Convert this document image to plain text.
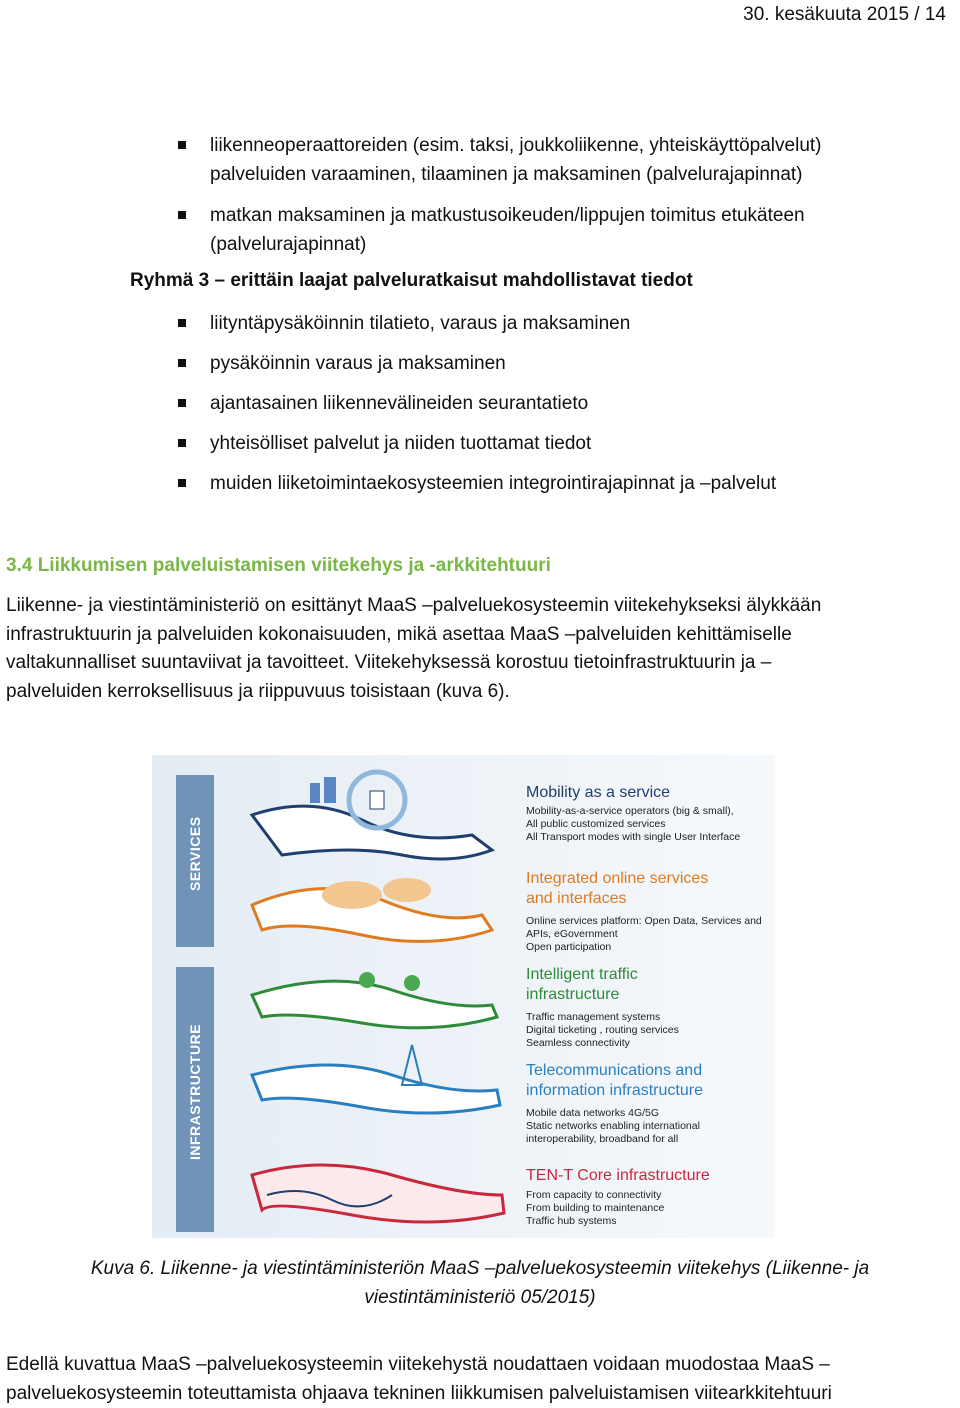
30. kesäkuuta 2015 / 14
liikenneoperaattoreiden (esim. taksi, joukkoliikenne, yhteiskäyttöpalvelut)
palveluiden varaaminen, tilaaminen ja maksaminen (palvelurajapinnat)
matkan maksaminen ja matkustusoikeuden/lippujen toimitus etukäteen
(palvelurajapinnat)
Ryhmä 3 – erittäin laajat palveluratkaisut mahdollistavat tiedot
liityntäpysäköinnin tilatieto, varaus ja maksaminen
pysäköinnin varaus ja maksaminen
ajantasainen liikennevälineiden seurantatieto
yhteisölliset palvelut ja niiden tuottamat tiedot
muiden liiketoimintaekosysteemien integrointirajapinnat ja –palvelut
3.4 Liikkumisen palveluistamisen viitekehys ja -arkkitehtuuri
Liikenne- ja viestintäministeriö on esittänyt MaaS –palveluekosysteemin viitekehykseksi älykkään
infrastruktuurin ja palveluiden kokonaisuuden, mikä asettaa MaaS –palveluiden kehittämiselle
valtakunnalliset suuntaviivat ja tavoitteet. Viitekehyksessä korostuu tietoinfrastruktuurin ja –
palveluiden kerroksellisuus ja riippuvuus toisistaan (kuva 6).
SERVICES
INFRASTRUCTURE
Mobility as a service
Mobility-as-a-service operators (big & small),
All public customized services
All Transport modes with single User Interface
Integrated online services
and interfaces
Online services platform: Open Data, Services and
APIs, eGovernment
Open participation
Intelligent traffic
infrastructure
Traffic management systems
Digital ticketing , routing services
Seamless connectivity
Telecommunications and
information infrastructure
Mobile data networks 4G/5G
Static networks enabling international
interoperability, broadband for all
TEN-T Core infrastructure
From capacity to connectivity
From building to maintenance
Traffic hub systems
Kuva 6. Liikenne- ja viestintäministeriön MaaS –palveluekosysteemin viitekehys (Liikenne- ja
viestintäministeriö 05/2015)
Edellä kuvattua MaaS –palveluekosysteemin viitekehystä noudattaen voidaan muodostaa MaaS –
palveluekosysteemin toteuttamista ohjaava tekninen liikkumisen palveluistamisen viitearkkitehtuuri
